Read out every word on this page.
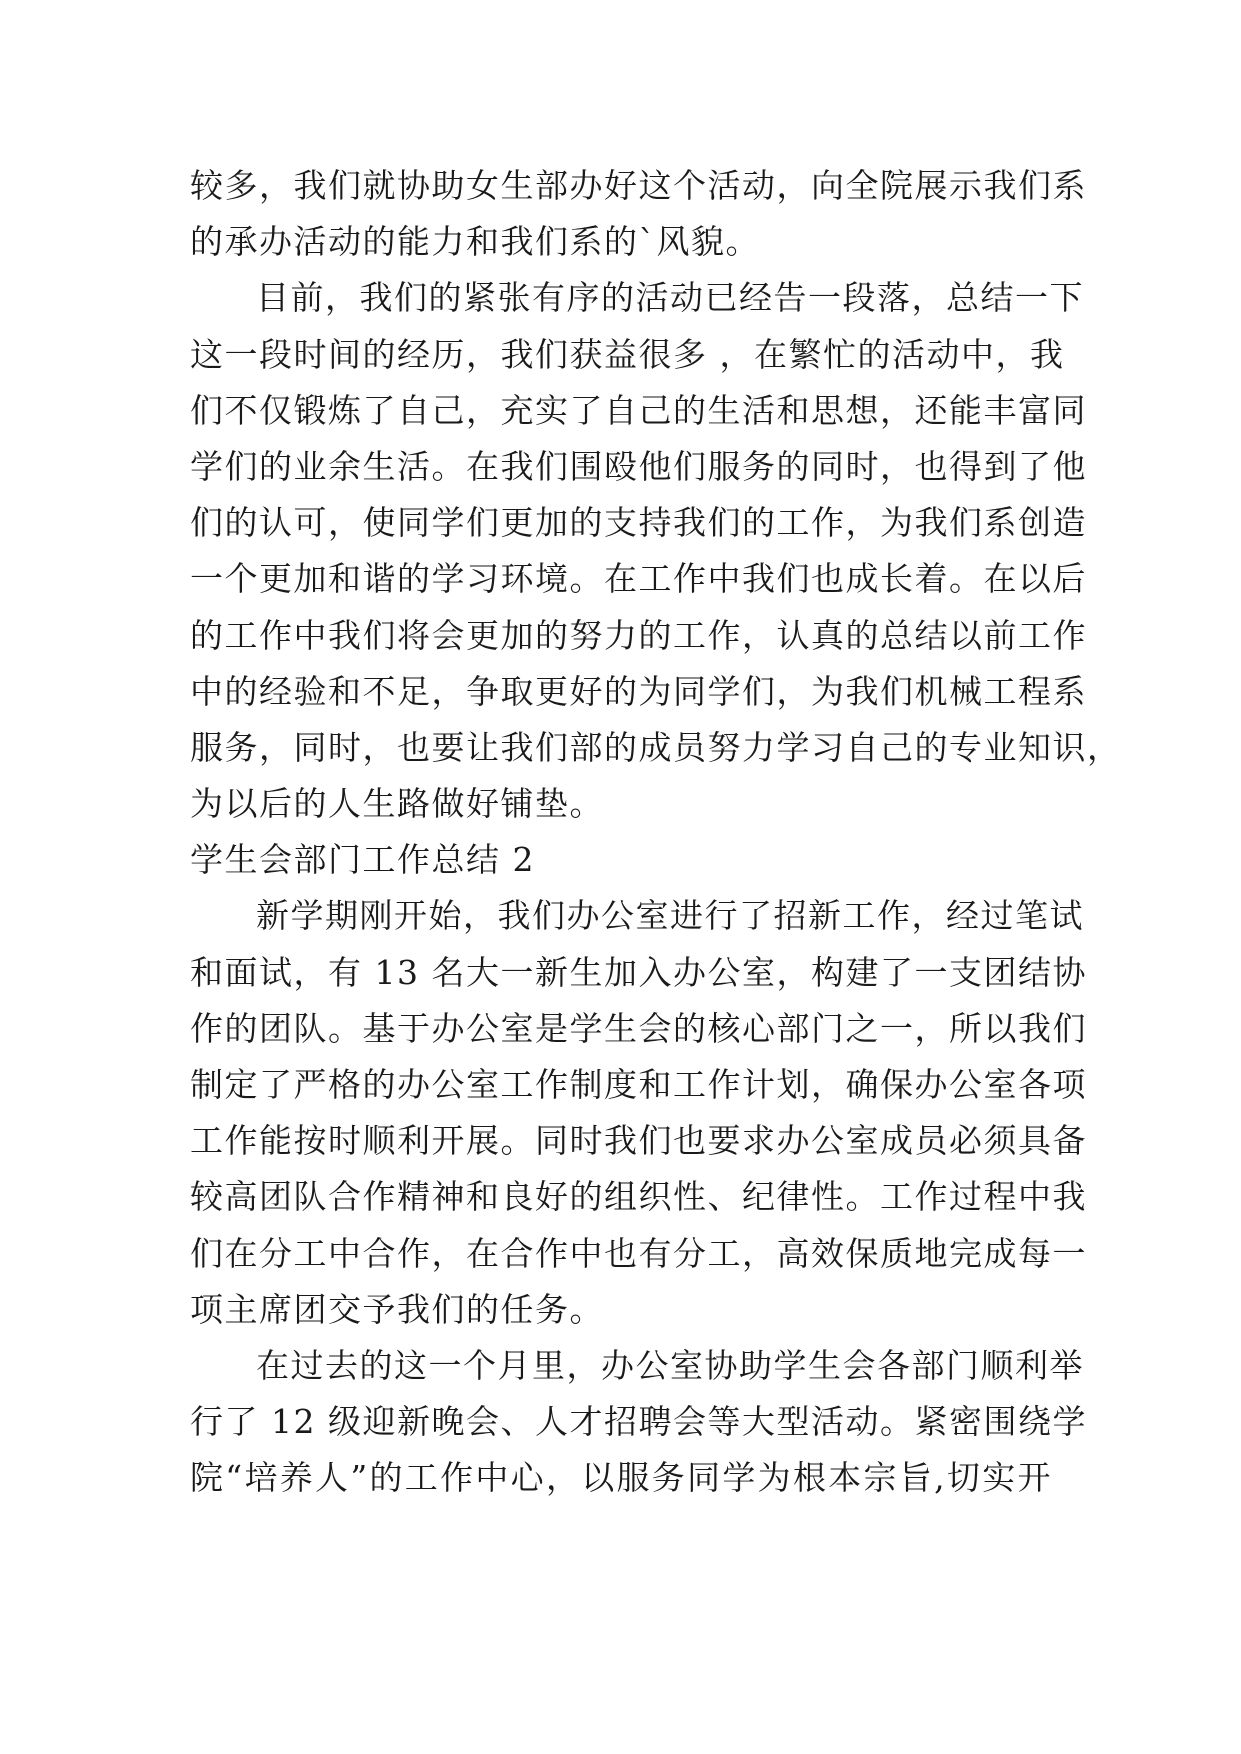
较多，我们就协助女生部办好这个活动，向全院展示我们系
的承办活动的能力和我们系的`风貌。
目前，我们的紧张有序的活动已经告一段落，总结一下
这一段时间的经历，我们获益很多 ，在繁忙的活动中，我
们不仅锻炼了自己，充实了自己的生活和思想，还能丰富同
学们的业余生活。在我们围殴他们服务的同时，也得到了他
们的认可，使同学们更加的支持我们的工作，为我们系创造
一个更加和谐的学习环境。在工作中我们也成长着。在以后
的工作中我们将会更加的努力的工作，认真的总结以前工作
中的经验和不足，争取更好的为同学们，为我们机械工程系
服务，同时，也要让我们部的成员努力学习自己的专业知识，
为以后的人生路做好铺垫。
学生会部门工作总结 2
新学期刚开始，我们办公室进行了招新工作，经过笔试
和面试，有 13 名大一新生加入办公室，构建了一支团结协
作的团队。基于办公室是学生会的核心部门之一，所以我们
制定了严格的办公室工作制度和工作计划，确保办公室各项
工作能按时顺利开展。同时我们也要求办公室成员必须具备
较高团队合作精神和良好的组织性、纪律性。工作过程中我
们在分工中合作，在合作中也有分工，高效保质地完成每一
项主席团交予我们的任务。
在过去的这一个月里，办公室协助学生会各部门顺利举
行了 12 级迎新晚会、人才招聘会等大型活动。紧密围绕学
院“培养人”的工作中心，以服务同学为根本宗旨,切实开
